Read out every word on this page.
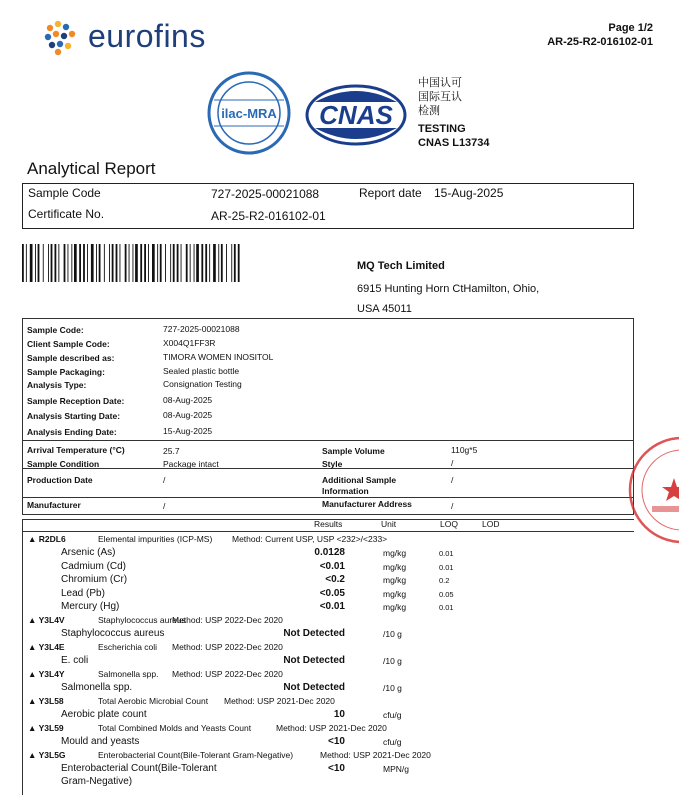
eurofins	Page 1/2
AR-25-R2-016102-01
ilac-MRA CNAS
中国认可
国际互认
检测
TESTING
CNAS L13734
Analytical Report
Sample Code	727-2025-00021088	Report date 15-Aug-2025
Certificate No.	AR-25-R2-016102-01
MQ Tech Limited
6915 Hunting Horn CtHamilton, Ohio,
USA 45011
Sample Code:	727-2025-00021088
Client Sample Code:	X004Q1FF3R
Sample described as:	TIMORA WOMEN INOSITOL
Sample Packaging:	Sealed plastic bottle
Analysis Type:	Consignation Testing
Sample Reception Date:	08-Aug-2025
Analysis Starting Date:	08-Aug-2025
Analysis Ending Date:	15-Aug-2025
Arrival Temperature (°C)	25.7	Sample Volume	110g*5
Sample Condition	Package intact	Style	/
Production Date	/	Additional Sample
Information
/
Manufacturer	/	Manufacturer Address	/
Results	Unit	LOQ	LOD
▲ R2DL6	Elemental impurities (ICP-MS) Method: Current USP, USP <232>/<233>
Arsenic (As)	0.0128	mg/kg	0.01
Cadmium (Cd)	<0.01	mg/kg	0.01
Chromium (Cr)	<0.2	mg/kg	0.2
Lead (Pb)	<0.05	mg/kg	0.05
Mercury (Hg)	<0.01	mg/kg	0.01
▲ Y3L4V	Staphylococcus aureus
Method: USP 2022-Dec 2020
Staphylococcus aureus	Not Detected	/10 g
▲ Y3L4E	Escherichia coli Method: USP 2022-Dec 2020
E. coli	Not Detected	/10 g
▲ Y3L4Y	Salmonella spp. Method: USP 2022-Dec 2020
Salmonella spp.	Not Detected	/10 g
▲ Y3L58	Total Aerobic Microbial Count Method: USP 2021-Dec 2020
Aerobic plate count	10	cfu/g
▲ Y3L59	Total Combined Molds and Yeasts Count	Method: USP 2021-Dec 2020
Mould and yeasts	<10	cfu/g
▲ Y3L5G	Enterobacterial Count(Bile-Tolerant Gram-Negative)	Method: USP 2021-Dec 2020
Enterobacterial Count(Bile-Tolerant	<10	MPN/g
Gram-Negative)
